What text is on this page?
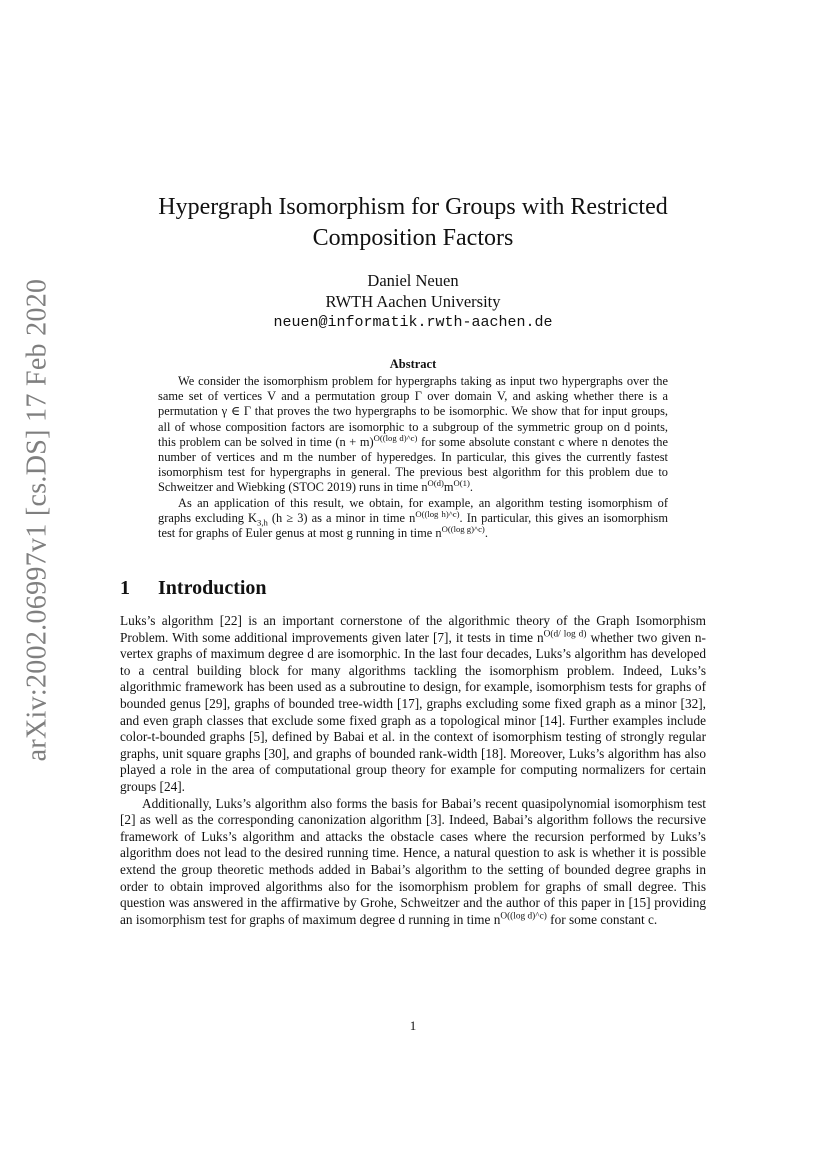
arXiv:2002.06997v1 [cs.DS] 17 Feb 2020
Hypergraph Isomorphism for Groups with Restricted
Composition Factors
Daniel Neuen
RWTH Aachen University
neuen@informatik.rwth-aachen.de
Abstract

We consider the isomorphism problem for hypergraphs taking as input two hypergraphs over the same set of vertices V and a permutation group Γ over domain V, and asking whether there is a permutation γ ∈ Γ that proves the two hypergraphs to be isomorphic. We show that for input groups, all of whose composition factors are isomorphic to a subgroup of the symmetric group on d points, this problem can be solved in time $(n + m)^{O((log d)\^{}c)}$ for some absolute constant c where n denotes the number of vertices and m the number of hyperedges. In particular, this gives the currently fastest isomorphism test for hypergraphs in general. The previous best algorithm for this problem due to Schweitzer and Wiebking (STOC 2019) runs in time $n^{O(d)}m^{O(1)}$.

As an application of this result, we obtain, for example, an algorithm testing isomorphism of graphs excluding $K_{3,h}$ (h ≥ 3) as a minor in time $n^{O((log h)\^{}c)}$. In particular, this gives an isomorphism test for graphs of Euler genus at most g running in time $n^{O((log g)\^{}c)}$.

1 Introduction

Luks’s algorithm [22] is an important cornerstone of the algorithmic theory of the Graph Isomorphism Problem. With some additional improvements given later [7], it tests in time $n^{O(d/ log d)}$ whether two given n-vertex graphs of maximum degree d are isomorphic. In the last four decades, Luks’s algorithm has developed to a central building block for many algorithms tackling the isomorphism problem. Indeed, Luks’s algorithmic framework has been used as a subroutine to design, for example, isomorphism tests for graphs of bounded genus [29], graphs of bounded tree-width [17], graphs excluding some fixed graph as a minor [32], and even graph classes that exclude some fixed graph as a topological minor [14]. Further examples include color-t-bounded graphs [5], defined by Babai et al. in the context of isomorphism testing of strongly regular graphs, unit square graphs [30], and graphs of bounded rank-width [18]. Moreover, Luks’s algorithm has also played a role in the area of computational group theory for example for computing normalizers for certain groups [24].

Additionally, Luks’s algorithm also forms the basis for Babai’s recent quasipolynomial isomorphism test [2] as well as the corresponding canonization algorithm [3]. Indeed, Babai’s algorithm follows the recursive framework of Luks’s algorithm and attacks the obstacle cases where the recursion performed by Luks’s algorithm does not lead to the desired running time. Hence, a natural question to ask is whether it is possible extend the group theoretic methods added in Babai’s algorithm to the setting of bounded degree graphs in order to obtain improved algorithms also for the isomorphism problem for graphs of small degree. This question was answered in the affirmative by Grohe, Schweitzer and the author of this paper in [15] providing an isomorphism test for graphs of maximum degree d running in time $n^{O((log d)\^{}c)}$ for some constant c.

1
